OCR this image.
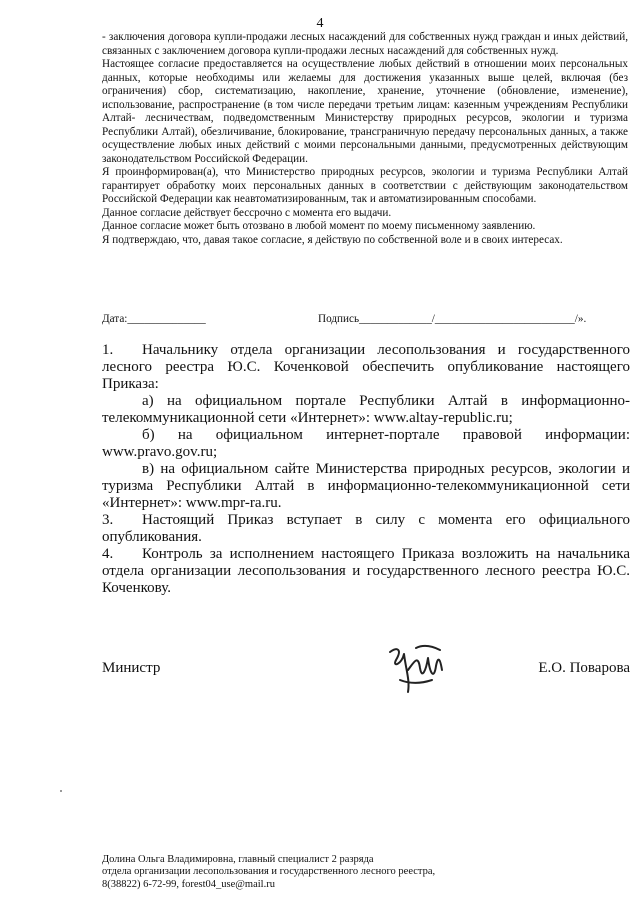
4

- заключения договора купли-продажи лесных насаждений для собственных нужд граждан и иных действий, связанных с заключением договора купли-продажи лесных насаждений для собственных нужд.

Настоящее согласие предоставляется на осуществление любых действий в отношении моих персональных данных, которые необходимы или желаемы для достижения указанных выше целей, включая (без ограничения) сбор, систематизацию, накопление, хранение, уточнение (обновление, изменение), использование, распространение (в том числе передачи третьим лицам: казенным учреждениям Республики Алтай- лесничествам, подведомственным Министерству природных ресурсов, экологии и туризма Республики Алтай), обезличивание, блокирование, трансграничную передачу персональных данных, а также осуществление любых иных действий с моими персональными данными, предусмотренных действующим законодательством Российской Федерации.

Я проинформирован(а), что Министерство природных ресурсов, экологии и туризма Республики Алтай гарантирует обработку моих персональных данных в соответствии с действующим законодательством Российской Федерации как неавтоматизированным, так и автоматизированным способами.

Данное согласие действует бессрочно с момента его выдачи.

Данное согласие может быть отозвано в любой момент по моему письменному заявлению.

Я подтверждаю, что, давая такое согласие, я действую по собственной воле и в своих интересах.

Дата:______________	Подпись_____________/_________________________/».

1. Начальнику отдела организации лесопользования и государственного лесного реестра Ю.С. Коченковой обеспечить опубликование настоящего Приказа:

а) на официальном портале Республики Алтай в информационно-телекоммуникационной сети «Интернет»: www.altay-republic.ru;

б) на официальном интернет-портале правовой информации: www.pravo.gov.ru;

в) на официальном сайте Министерства природных ресурсов, экологии и туризма Республики Алтай в информационно-телекоммуникационной сети «Интернет»: www.mpr-ra.ru.

3. Настоящий Приказ вступает в силу с момента его официального опубликования.

4. Контроль за исполнением настоящего Приказа возложить на начальника отдела организации лесопользования и государственного лесного реестра Ю.С. Коченкову.

Министр	Е.О. Поварова

Долина Ольга Владимировна, главный специалист 2 разряда

отдела организации лесопользования и государственного лесного реестра,

8(38822) 6-72-99, forest04_use@mail.ru
